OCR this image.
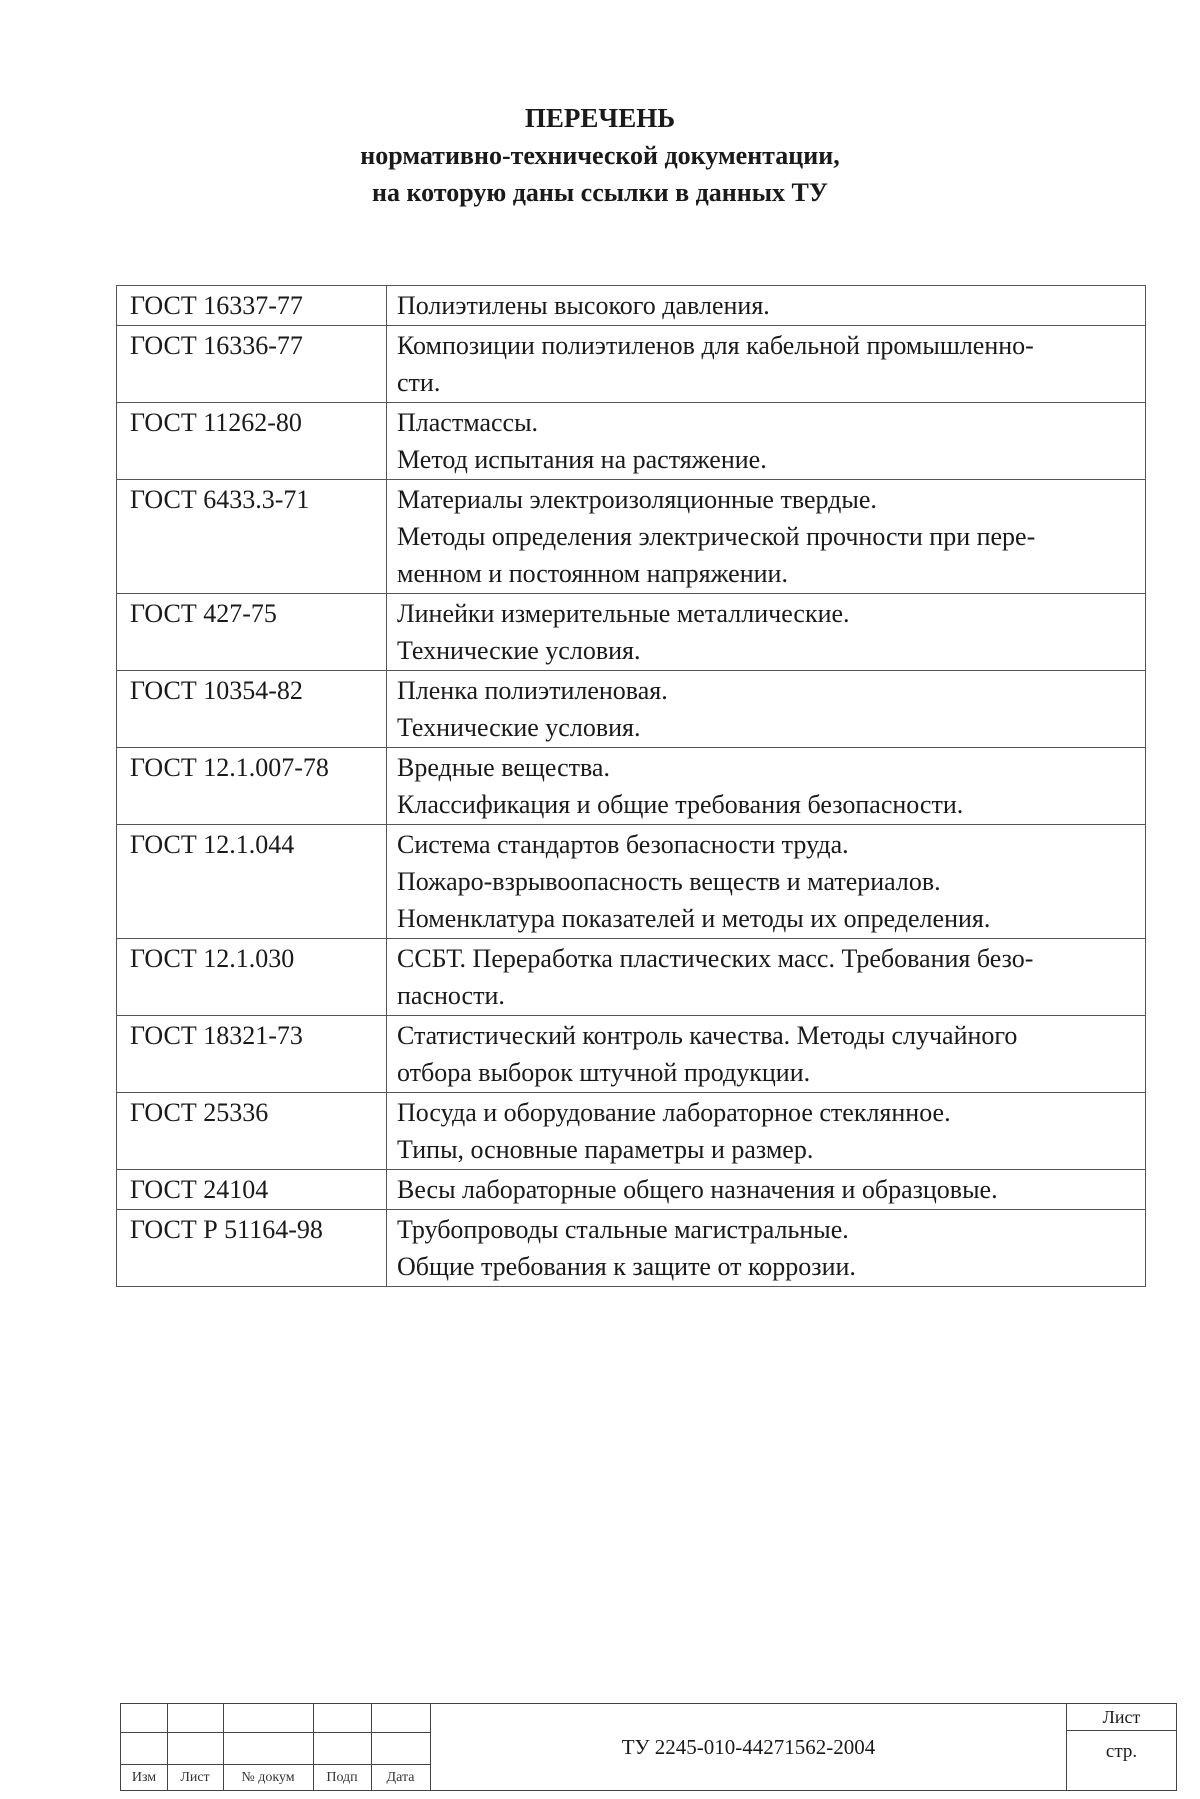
ПЕРЕЧЕНЬ
нормативно-технической документации,
на которую даны ссылки в данных ТУ
ГОСТ 16337-77	Полиэтилены высокого давления.

ГОСТ 16336-77	Композиции полиэтиленов для кабельной промышленно-
сти.

ГОСТ 11262-80	Пластмассы.
Метод испытания на растяжение.

ГОСТ 6433.3-71	Материалы электроизоляционные твердые.
Методы определения электрической прочности при пере-
менном и постоянном напряжении.

ГОСТ 427-75	Линейки измерительные металлические.
Технические условия.

ГОСТ 10354-82	Пленка полиэтиленовая.
Технические условия.

ГОСТ 12.1.007-78	Вредные вещества.
Классификация и общие требования безопасности.

ГОСТ 12.1.044	Система стандартов безопасности труда.
Пожаро-взрывоопасность веществ и материалов.
Номенклатура показателей и методы их определения.

ГОСТ 12.1.030	ССБТ. Переработка пластических масс. Требования безо-
пасности.

ГОСТ 18321-73	Статистический контроль качества. Методы случайного
отбора выборок штучной продукции.

ГОСТ 25336	Посуда и оборудование лабораторное стеклянное.
Типы, основные параметры и размер.

ГОСТ 24104	Весы лабораторные общего назначения и образцовые.

ГОСТ Р 51164-98	Трубопроводы стальные магистральные.
Общие требования к защите от коррозии.
Изм	Лист	№ докум	Подп	Дата
ТУ 2245-010-44271562-2004
Лист
стр.
